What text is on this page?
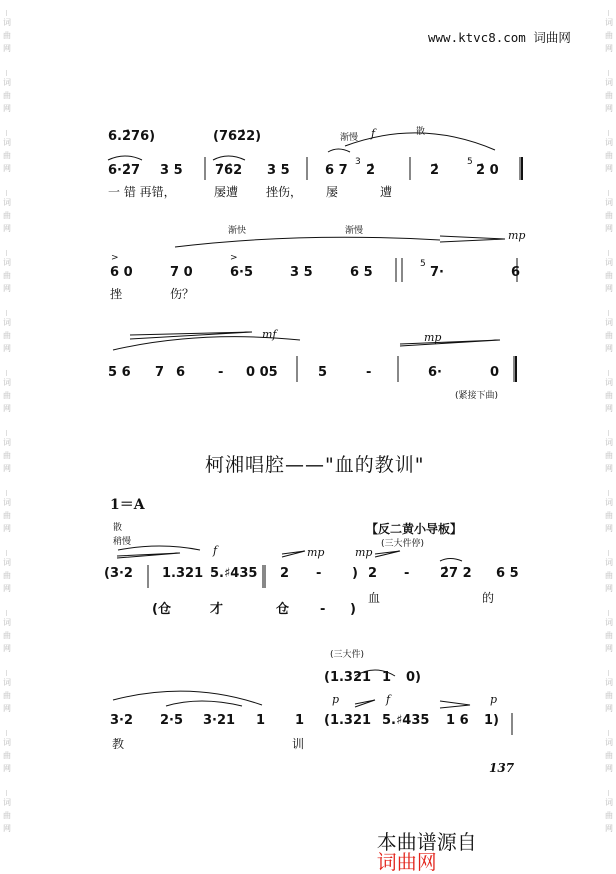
词
曲
网
词
曲
网
词
曲
网
词
曲
网
词
曲
网
词
曲
网
词
曲
网
词
曲
网
词
曲
网
词
曲
网
词
曲
网
词
曲
网
词
曲
网
词
曲
网
词
曲
网
词
曲
网
词
曲
网
词
曲
网
词
曲
网
词
曲
网
词
曲
网
词
曲
网
词
曲
网
词
曲
网
词
曲
网
词
曲
网
词
曲
网
词
曲
网
www.ktvc8.com 词曲网
渐慢 f	散
6.2̇76)	(762̇2)
6·2̇7 3 5 7̇6̇2 3 5	6 7
3
2̇	2̇
5
2̇ 0
一 错 再错，	屡遭 挫伤， 屡	遭
渐快	渐慢	mp
>	>
6 0	7 0	6·5	3 5	6 5
5
7·	6
挫	伤？
mf	mp
5 6 7 6	- 0 05	5	-	6·	0
(紧接下曲)
柯湘唱腔——"血的教训"
1＝A
散
稍慢
f	mp	mp
【反二黄小导板】
(三大件停)
(3·2 1.321 5.♯435 2 - ) 2 - 2̇7 2 6 5
(仓	才	仓 - )
血	的
(三大件)
(1.321 1 0)
p	f	p
3·2 2·5 3·21 1 1 (1.321 5.♯435 1 6 1)
教	训
137

本曲谱源自
词曲网
